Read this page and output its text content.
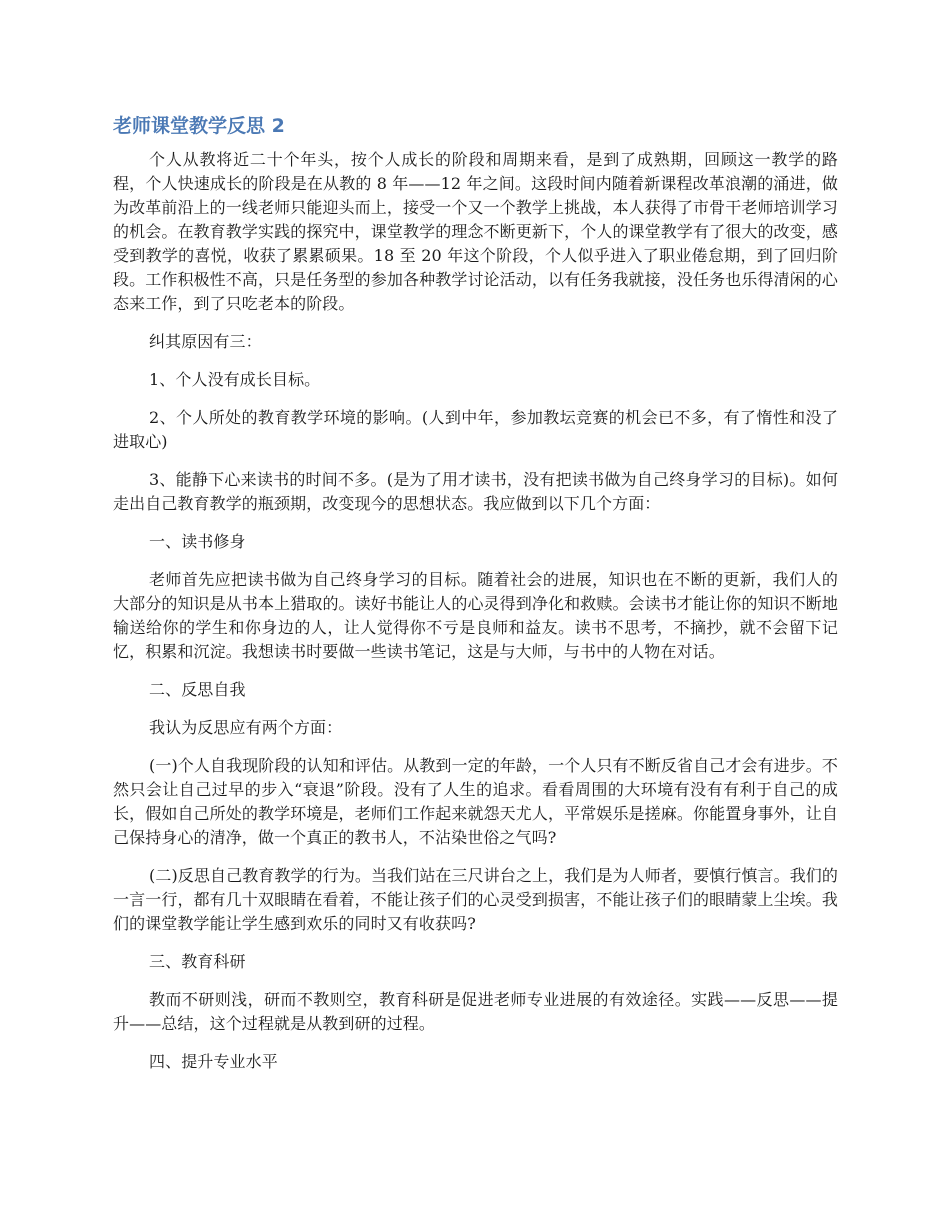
老师课堂教学反思 2

个人从教将近二十个年头，按个人成长的阶段和周期来看，是到了成熟期，回顾这一教学的路程，个人快速成长的阶段是在从教的 8 年——12 年之间。这段时间内随着新课程改革浪潮的涌进，做为改革前沿上的一线老师只能迎头而上，接受一个又一个教学上挑战，本人获得了市骨干老师培训学习的机会。在教育教学实践的探究中，课堂教学的理念不断更新下，个人的课堂教学有了很大的改变，感受到教学的喜悦，收获了累累硕果。18 至 20 年这个阶段，个人似乎进入了职业倦怠期，到了回归阶段。工作积极性不高，只是任务型的参加各种教学讨论活动，以有任务我就接，没任务也乐得清闲的心态来工作，到了只吃老本的阶段。

纠其原因有三：

1、个人没有成长目标。

2、个人所处的教育教学环境的影响。(人到中年，参加教坛竞赛的机会已不多，有了惰性和没了进取心)

3、能静下心来读书的时间不多。(是为了用才读书，没有把读书做为自己终身学习的目标)。如何走出自己教育教学的瓶颈期，改变现今的思想状态。我应做到以下几个方面：

一、读书修身

老师首先应把读书做为自己终身学习的目标。随着社会的进展，知识也在不断的更新，我们人的大部分的知识是从书本上猎取的。读好书能让人的心灵得到净化和救赎。会读书才能让你的知识不断地输送给你的学生和你身边的人，让人觉得你不亏是良师和益友。读书不思考，不摘抄，就不会留下记忆，积累和沉淀。我想读书时要做一些读书笔记，这是与大师，与书中的人物在对话。

二、反思自我

我认为反思应有两个方面：

(一)个人自我现阶段的认知和评估。从教到一定的年龄，一个人只有不断反省自己才会有进步。不然只会让自己过早的步入“衰退”阶段。没有了人生的追求。看看周围的大环境有没有有利于自己的成长，假如自己所处的教学环境是，老师们工作起来就怨天尤人，平常娱乐是搓麻。你能置身事外，让自己保持身心的清净，做一个真正的教书人，不沾染世俗之气吗?

(二)反思自己教育教学的行为。当我们站在三尺讲台之上，我们是为人师者，要慎行慎言。我们的一言一行，都有几十双眼睛在看着，不能让孩子们的心灵受到损害，不能让孩子们的眼睛蒙上尘埃。我们的课堂教学能让学生感到欢乐的同时又有收获吗?

三、教育科研

教而不研则浅，研而不教则空，教育科研是促进老师专业进展的有效途径。实践——反思——提升——总结，这个过程就是从教到研的过程。

四、提升专业水平
